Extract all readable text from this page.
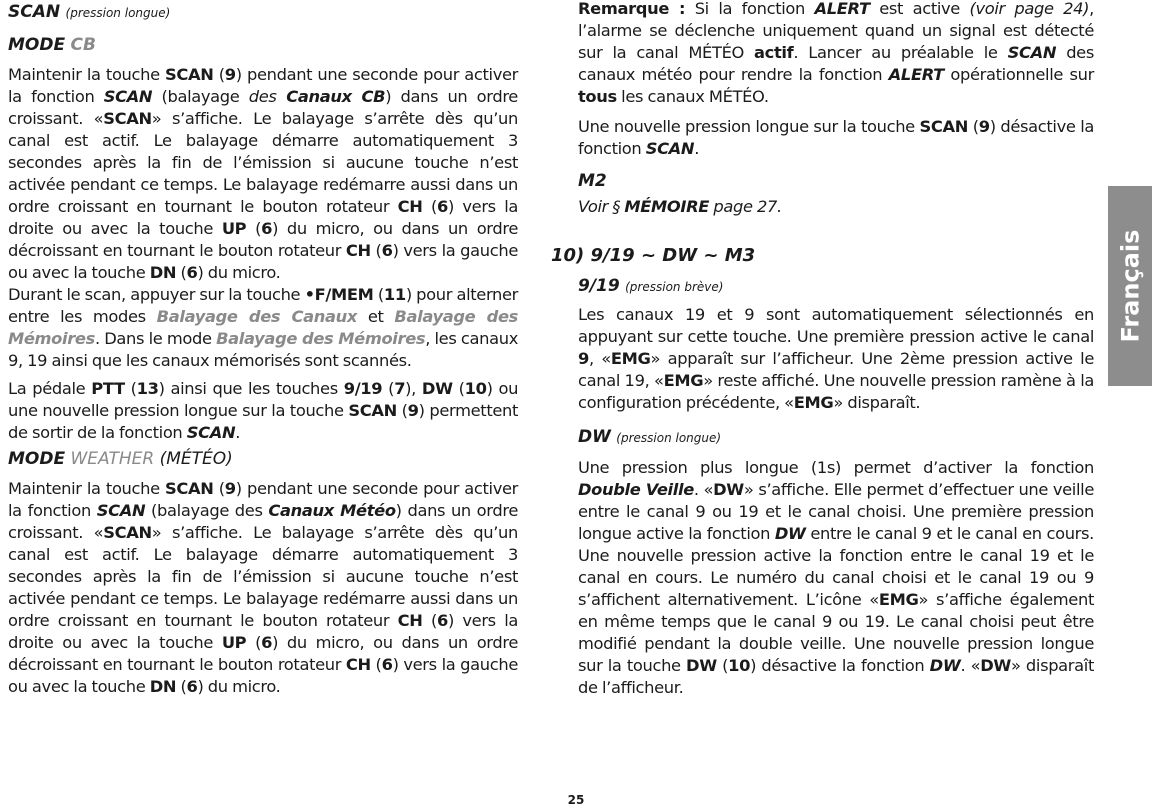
SCAN (pression longue)

MODE CB

Maintenir la touche SCAN (9) pendant une seconde pour activer la fonction SCAN (balayage des Canaux CB) dans un ordre croissant. «SCAN» s’affiche. Le balayage s’arrête dès qu’un canal est actif. Le balayage démarre automatiquement 3 secondes après la fin de l’émission si aucune touche n’est activée pendant ce temps. Le balayage redémarre aussi dans un ordre croissant en tournant le bouton rotateur CH (6) vers la droite ou avec la touche UP (6) du micro, ou dans un ordre décroissant en tournant le bouton rotateur CH (6) vers la gauche ou avec la touche DN (6) du micro.

Durant le scan, appuyer sur la touche •F/MEM (11) pour alterner entre les modes Balayage des Canaux et Balayage des Mémoires. Dans le mode Balayage des Mémoires, les canaux 9, 19 ainsi que les canaux mémorisés sont scannés.

La pédale PTT (13) ainsi que les touches 9/19 (7), DW (10) ou une nouvelle pression longue sur la touche SCAN (9) permettent de sortir de la fonction SCAN.

MODE WEATHER (MÉTÉO)

Maintenir la touche SCAN (9) pendant une seconde pour activer la fonction SCAN (balayage des Canaux Météo) dans un ordre croissant. «SCAN» s’affiche. Le balayage s’arrête dès qu’un canal est actif. Le balayage démarre automatiquement 3 secondes après la fin de l’émission si aucune touche n’est activée pendant ce temps. Le balayage redémarre aussi dans un ordre croissant en tournant le bouton rotateur CH (6) vers la droite ou avec la touche UP (6) du micro, ou dans un ordre décroissant en tournant le bouton rotateur CH (6) vers la gauche ou avec la touche DN (6) du micro.

Remarque : Si la fonction ALERT est active (voir page 24), l’alarme se déclenche uniquement quand un signal est détecté sur la canal MÉTÉO actif. Lancer au préalable le SCAN des canaux météo pour rendre la fonction ALERT opérationnelle sur tous les canaux MÉTÉO.

Une nouvelle pression longue sur la touche SCAN (9) désactive la fonction SCAN.

M2

Voir § MÉMOIRE page 27.

10) 9/19 ~ DW ~ M3

9/19 (pression brève)

Les canaux 19 et 9 sont automatiquement sélectionnés en appuyant sur cette touche. Une première pression active le canal 9, «EMG» apparaît sur l’afficheur. Une 2ème pression active le canal 19, «EMG» reste affiché. Une nouvelle pression ramène à la configuration précédente, «EMG» disparaît.

DW (pression longue)

Une pression plus longue (1s) permet d’activer la fonction Double Veille. «DW» s’affiche. Elle permet d’effectuer une veille entre le canal 9 ou 19 et le canal choisi. Une première pression longue active la fonction DW entre le canal 9 et le canal en cours. Une nouvelle pression active la fonction entre le canal 19 et le canal en cours. Le numéro du canal choisi et le canal 19 ou 9 s’affichent alternativement. L’icône «EMG» s’affiche également en même temps que le canal 9 ou 19. Le canal choisi peut être modifié pendant la double veille. Une nouvelle pression longue sur la touche DW (10) désactive la fonction DW. «DW» disparaît de l’afficheur.

Français

25
